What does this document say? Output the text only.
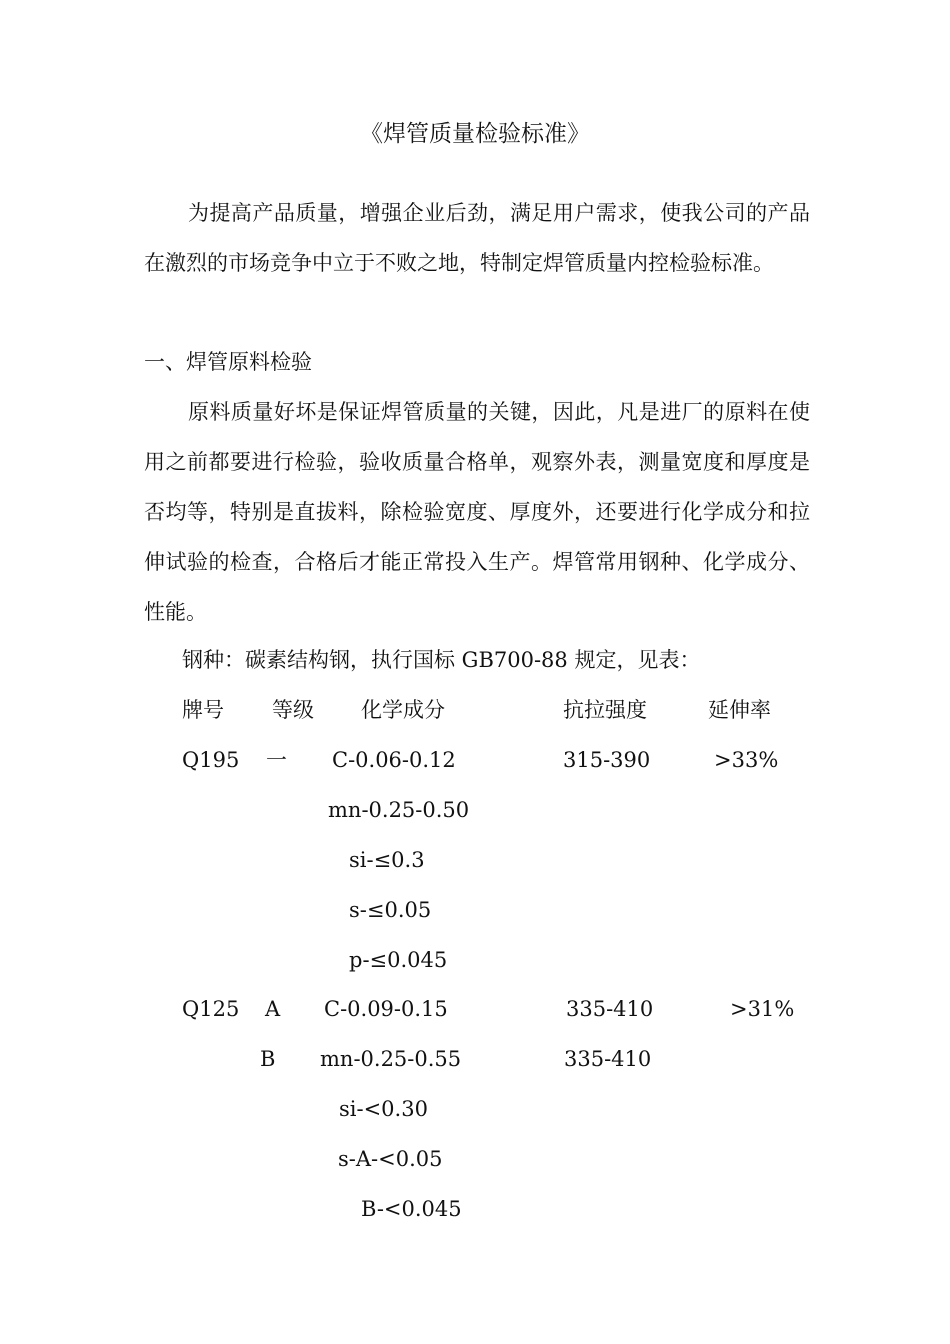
《焊管质量检验标准》

为提高产品质量，增强企业后劲，满足用户需求，使我公司的产品在激烈的市场竞争中立于不败之地，特制定焊管质量内控检验标准。

一、焊管原料检验

原料质量好坏是保证焊管质量的关键，因此，凡是进厂的原料在使用之前都要进行检验，验收质量合格单，观察外表，测量宽度和厚度是否均等，特别是直拔料，除检验宽度、厚度外，还要进行化学成分和拉伸试验的检查，合格后才能正常投入生产。焊管常用钢种、化学成分、性能。

钢种：碳素结构钢，执行国标 GB700-88 规定，见表：
牌号 等级 化学成分	抗拉强度	延伸率
Q195 一 C-0.06-0.12	315-390	>33%
mn-0.25-0.50
si-≤0.3
s-≤0.05
p-≤0.045
Q125 A C-0.09-0.15	335-410	>31%
B mn-0.25-0.55	335-410
si-<0.30
s-A-<0.05
B-<0.045
